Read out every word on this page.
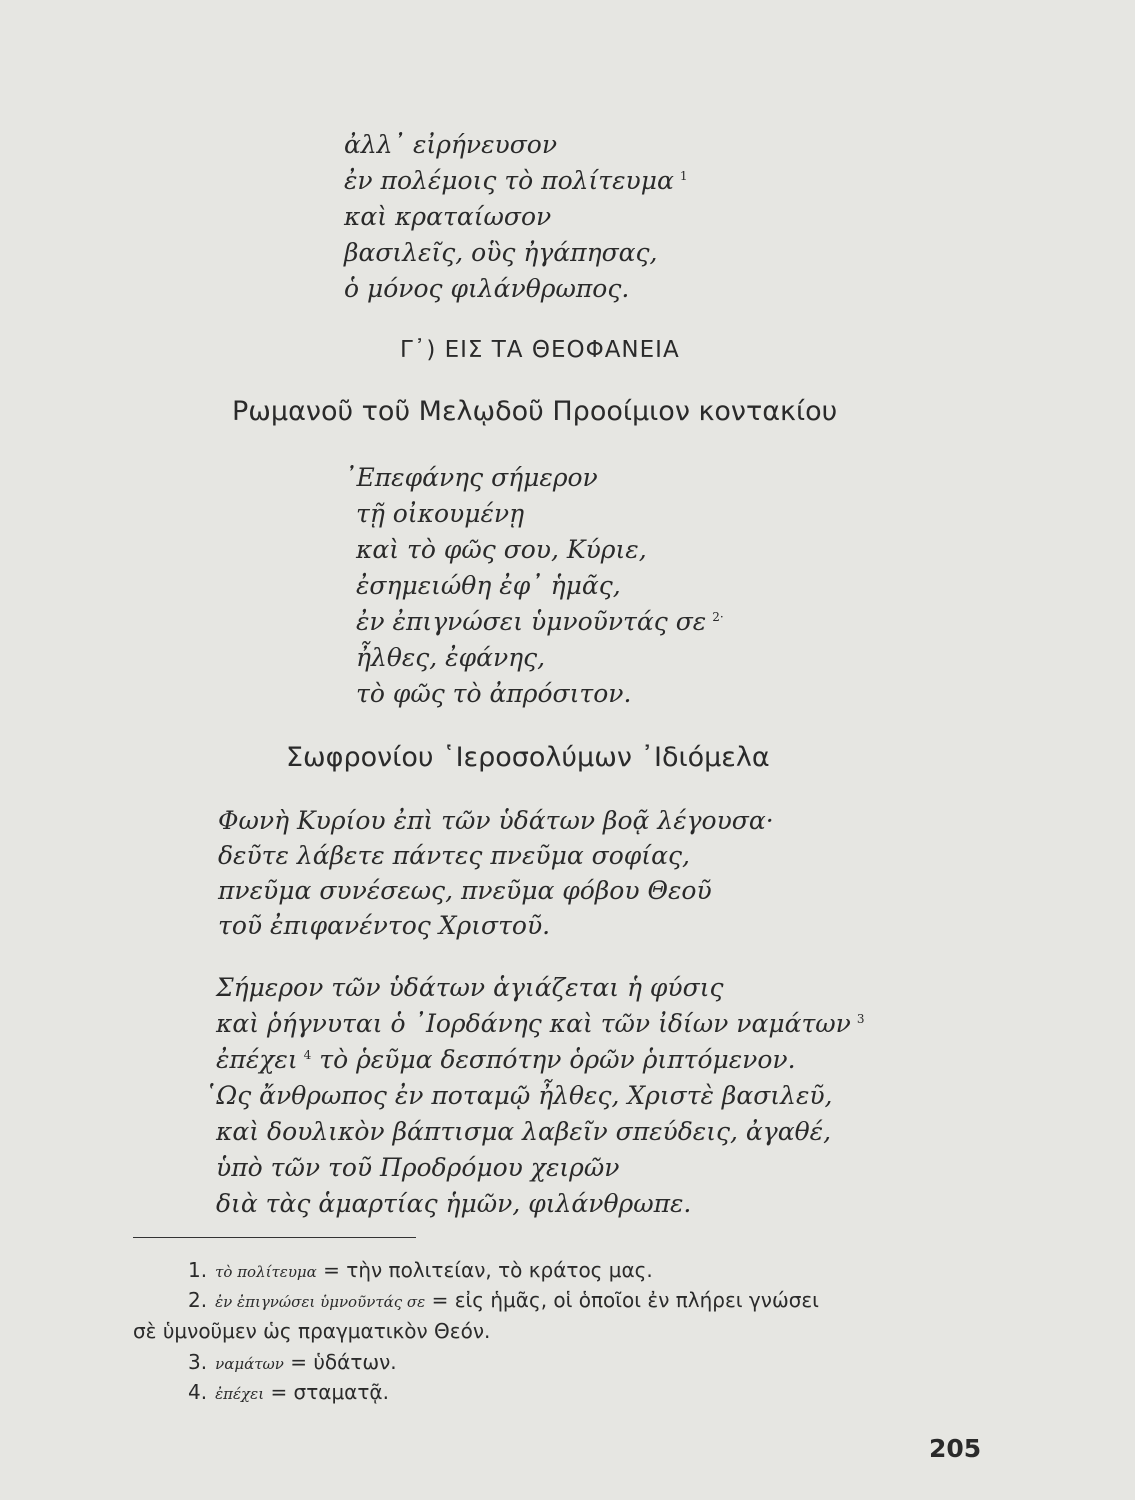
ἀλλ᾽ εἰρήνευσον
ἐν πολέμοις τὸ πολίτευμα $^1$
καὶ κραταίωσον
βασιλεῖς, οὓς ἠγάπησας,
ὁ μόνος φιλάνθρωπος.
Γ᾽) ΕΙΣ ΤΑ ΘΕΟΦΑΝΕΙΑ
Ρωμανοῦ τοῦ Μελῳδοῦ Προοίμιον κοντακίου
᾽Επεφάνης σήμερον
τῇ οἰκουμένῃ
καὶ τὸ φῶς σου, Κύριε,
ἐσημειώθη ἐφ᾽ ἡμᾶς,
ἐν ἐπιγνώσει ὑμνοῦντάς σε $^{2\cdot}$
ἦλθες, ἐφάνης,
τὸ φῶς τὸ ἀπρόσιτον.
Σωφρονίου ῾Ιεροσολύμων ᾽Ιδιόμελα
Φωνὴ Κυρίου ἐπὶ τῶν ὑδάτων βοᾷ λέγουσα·
δεῦτε λάβετε πάντες πνεῦμα σοφίας,
πνεῦμα συνέσεως, πνεῦμα φόβου Θεοῦ
τοῦ ἐπιφανέντος Χριστοῦ.
Σήμερον τῶν ὑδάτων ἁγιάζεται ἡ φύσις
καὶ ῥήγνυται ὁ ᾽Ιορδάνης καὶ τῶν ἰδίων ναμάτων $^3$
ἐπέχει $^4$ τὸ ῥεῦμα δεσπότην ὁρῶν ῥιπτόμενον.
῾Ως ἄνθρωπος ἐν ποταμῷ ἦλθες, Χριστὲ βασιλεῦ,
καὶ δουλικὸν βάπτισμα λαβεῖν σπεύδεις, ἀγαθέ,
ὑπὸ τῶν τοῦ Προδρόμου χειρῶν
διὰ τὰς ἁμαρτίας ἡμῶν, φιλάνθρωπε.
1. τὸ πολίτευμα = τὴν πολιτείαν, τὸ κράτος μας.
2. ἐν ἐπιγνώσει ὑμνοῦντάς σε = εἰς ἡμᾶς, οἱ ὁποῖοι ἐν πλήρει γνώσει
σὲ ὑμνοῦμεν ὡς πραγματικὸν Θεόν.
3. ναμάτων = ὑδάτων.
4. ἐπέχει = σταματᾷ.
205
